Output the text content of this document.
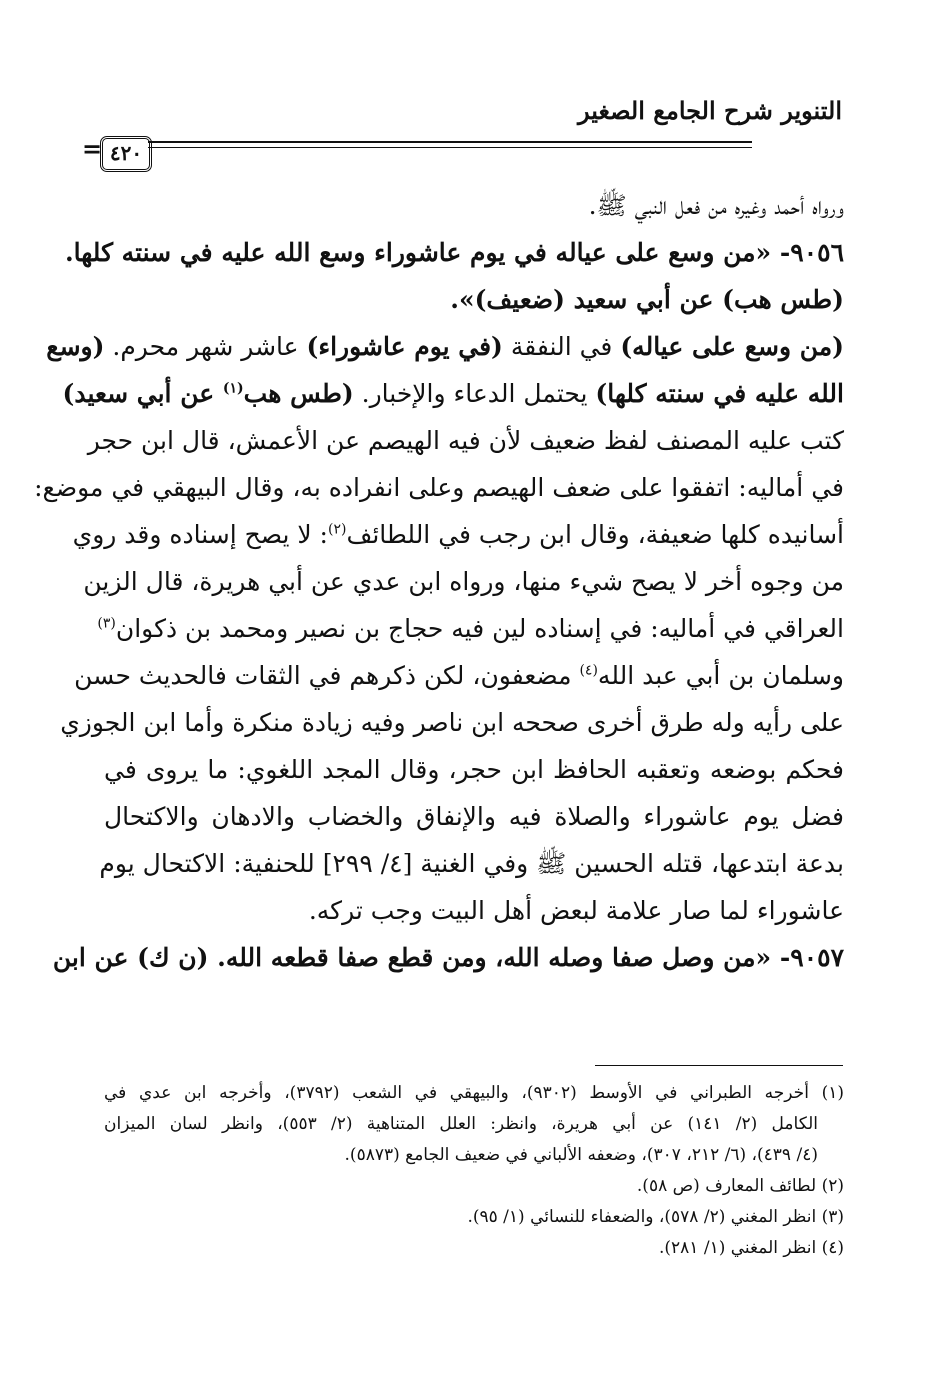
التنوير شرح الجامع الصغير
٤٢٠
=
ورواه أحمد وغيره من فعل النبي ﷺ.
٩٠٥٦- «من وسع على عياله في يوم عاشوراء وسع الله عليه في سنته كلها.
(طس هب) عن أبي سعيد (ضعيف)».
(من وسع على عياله) في النفقة (في يوم عاشوراء) عاشر شهر محرم. (وسع
الله عليه في سنته كلها) يحتمل الدعاء والإخبار. (طس هب$^{(١)}$ عن أبي سعيد)
كتب عليه المصنف لفظ ضعيف لأن فيه الهيصم عن الأعمش، قال ابن حجر
في أماليه: اتفقوا على ضعف الهيصم وعلى انفراده به، وقال البيهقي في موضع:
أسانيده كلها ضعيفة، وقال ابن رجب في اللطائف$^{(٢)}$: لا يصح إسناده وقد روي
من وجوه أخر لا يصح شيء منها، ورواه ابن عدي عن أبي هريرة، قال الزين
العراقي في أماليه: في إسناده لين فيه حجاج بن نصير ومحمد بن ذكوان$^{(٣)}$
وسلمان بن أبي عبد الله$^{(٤)}$ مضعفون، لكن ذكرهم في الثقات فالحديث حسن
على رأيه وله طرق أخرى صححه ابن ناصر وفيه زيادة منكرة وأما ابن الجوزي
فحكم بوضعه وتعقبه الحافظ ابن حجر، وقال المجد اللغوي: ما يروى في
فضل يوم عاشوراء والصلاة فيه والإنفاق والخضاب والادهان والاكتحال
بدعة ابتدعها، قتله الحسين ﷺ وفي الغنية [٤/ ٢٩٩] للحنفية: الاكتحال يوم
عاشوراء لما صار علامة لبعض أهل البيت وجب تركه.
٩٠٥٧- «من وصل صفا وصله الله، ومن قطع صفا قطعه الله. (ن ك) عن ابن
(١) أخرجه الطبراني في الأوسط (٩٣٠٢)، والبيهقي في الشعب (٣٧٩٢)، وأخرجه ابن عدي في
الكامل (٢/ ١٤١) عن أبي هريرة، وانظر: العلل المتناهية (٢/ ٥٥٣)، وانظر لسان الميزان
(٤/ ٤٣٩)، (٦/ ٢١٢، ٣٠٧)، وضعفه الألباني في ضعيف الجامع (٥٨٧٣).
(٢) لطائف المعارف (ص ٥٨).
(٣) انظر المغني (٢/ ٥٧٨)، والضعفاء للنسائي (١/ ٩٥).
(٤) انظر المغني (١/ ٢٨١).
